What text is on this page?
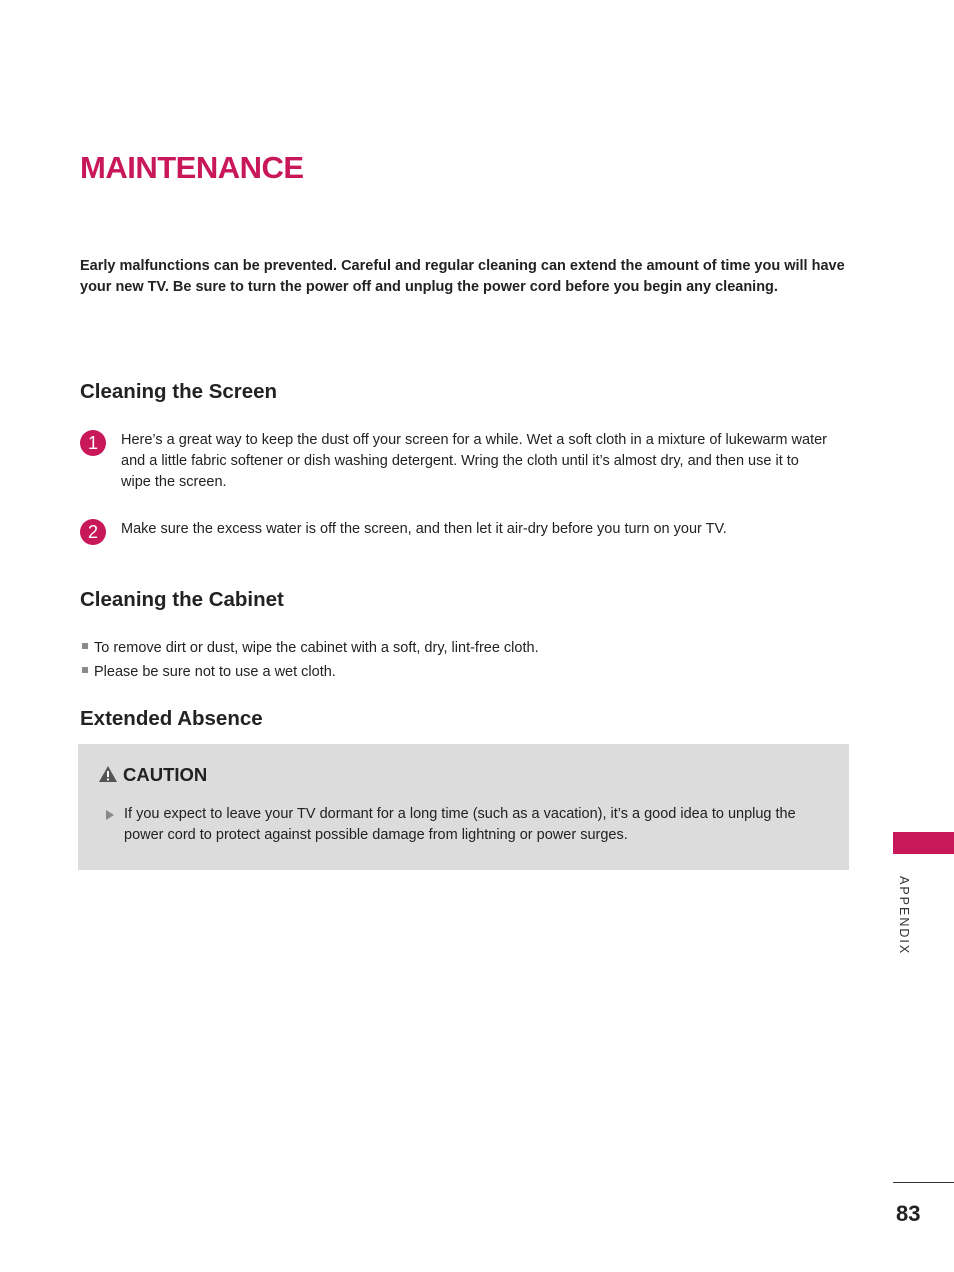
MAINTENANCE

Early malfunctions can be prevented. Careful and regular cleaning can extend the amount of time you will have your new TV. Be sure to turn the power off and unplug the power cord before you begin any cleaning.

Cleaning the Screen
1	Here’s a great way to keep the dust off your screen for a while. Wet a soft cloth in a mixture of lukewarm water and a little fabric softener or dish washing detergent. Wring the cloth until it’s almost dry, and then use it to wipe the screen.

2	Make sure the excess water is off the screen, and then let it air-dry before you turn on your TV.

Cleaning the Cabinet

To remove dirt or dust, wipe the cabinet with a soft, dry, lint-free cloth.

Please be sure not to use a wet cloth.

Extended Absence
CAUTION

If you expect to leave your TV dormant for a long time (such as a vacation), it’s a good idea to unplug the power cord to protect against possible damage from lightning or power surges.

APPENDIX
83
